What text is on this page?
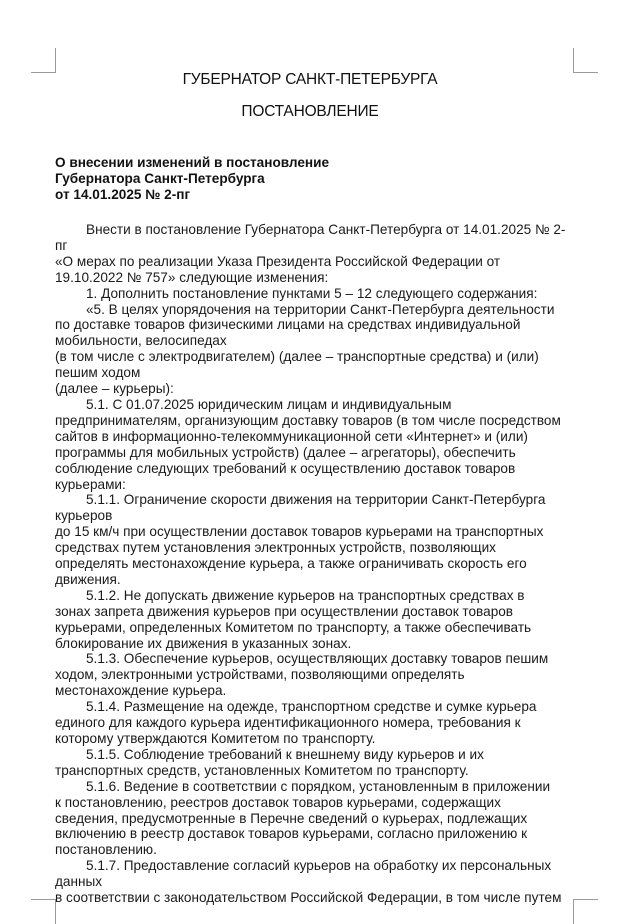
ГУБЕРНАТОР САНКТ-ПЕТЕРБУРГА
ПОСТАНОВЛЕНИЕ
О внесении изменений в постановление
Губернатора Санкт-Петербурга
от 14.01.2025 № 2-пг
Внести в постановление Губернатора Санкт-Петербурга от 14.01.2025 № 2-
пг
«О мерах по реализации Указа Президента Российской Федерации от
19.10.2022 № 757» следующие изменения:
1. Дополнить постановление пунктами 5 – 12 следующего содержания:
«5. В целях упорядочения на территории Санкт-Петербурга деятельности
по доставке товаров физическими лицами на средствах индивидуальной
мобильности, велосипедах
(в том числе с электродвигателем) (далее – транспортные средства) и (или)
пешим ходом
(далее – курьеры):
5.1. С 01.07.2025 юридическим лицам и индивидуальным
предпринимателям, организующим доставку товаров (в том числе посредством
сайтов в информационно-телекоммуникационной сети «Интернет» и (или)
программы для мобильных устройств) (далее – агрегаторы), обеспечить
соблюдение следующих требований к осуществлению доставок товаров
курьерами:
5.1.1. Ограничение скорости движения на территории Санкт-Петербурга
курьеров
до 15 км/ч при осуществлении доставок товаров курьерами на транспортных
средствах путем установления электронных устройств, позволяющих
определять местонахождение курьера, а также ограничивать скорость его
движения.
5.1.2. Не допускать движение курьеров на транспортных средствах в
зонах запрета движения курьеров при осуществлении доставок товаров
курьерами, определенных Комитетом по транспорту, а также обеспечивать
блокирование их движения в указанных зонах.
5.1.3. Обеспечение курьеров, осуществляющих доставку товаров пешим
ходом, электронными устройствами, позволяющими определять
местонахождение курьера.
5.1.4. Размещение на одежде, транспортном средстве и сумке курьера
единого для каждого курьера идентификационного номера, требования к
которому утверждаются Комитетом по транспорту.
5.1.5. Соблюдение требований к внешнему виду курьеров и их
транспортных средств, установленных Комитетом по транспорту.
5.1.6. Ведение в соответствии с порядком, установленным в приложении
к постановлению, реестров доставок товаров курьерами, содержащих
сведения, предусмотренные в Перечне сведений о курьерах, подлежащих
включению в реестр доставок товаров курьерами, согласно приложению к
постановлению.
5.1.7. Предоставление согласий курьеров на обработку их персональных
данных
в соответствии с законодательством Российской Федерации, в том числе путем
